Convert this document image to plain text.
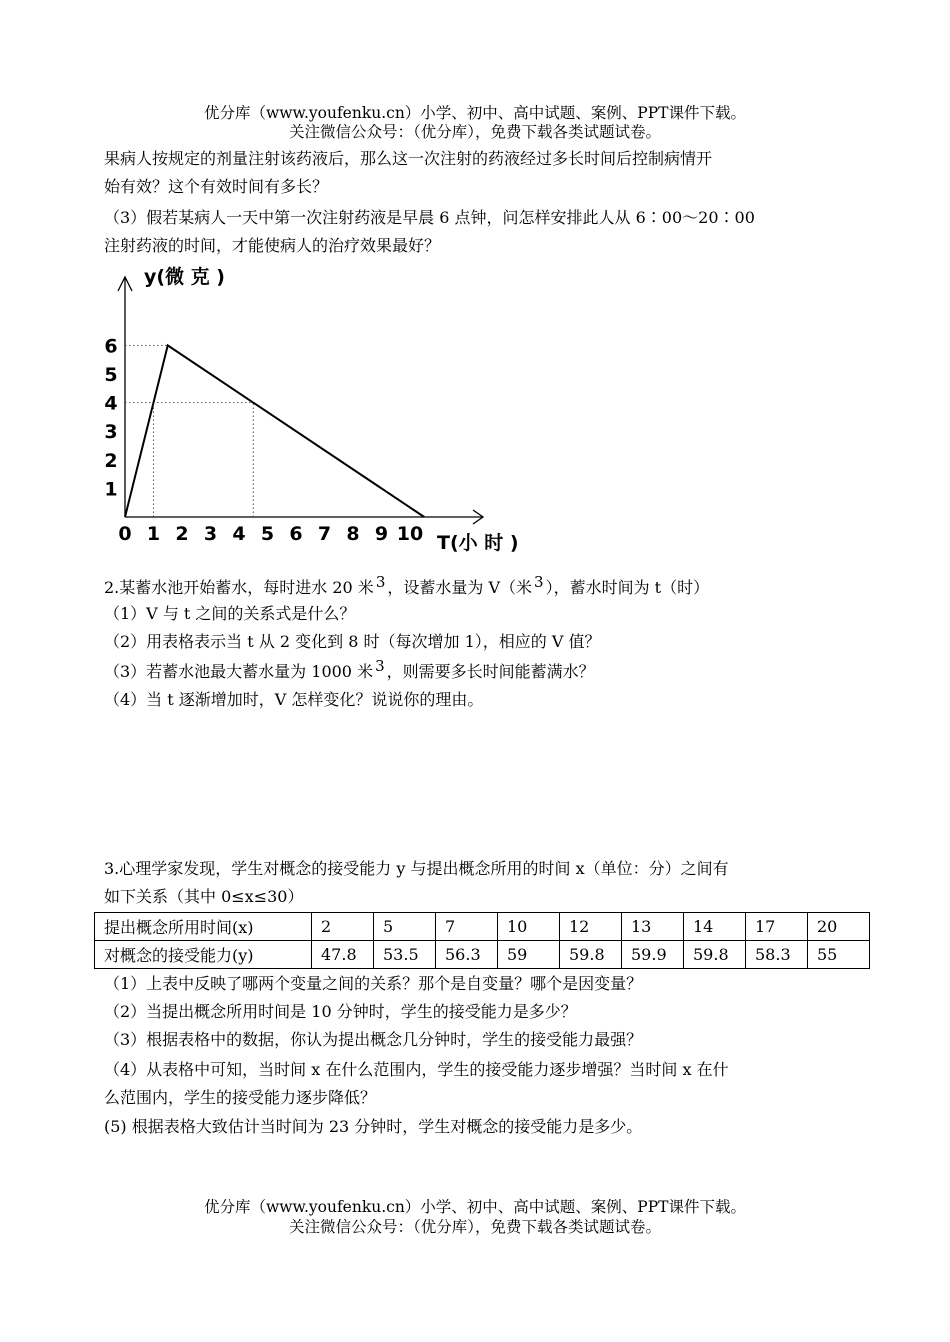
优分库（www.youfenku.cn）小学、初中、高中试题、案例、PPT课件下载。
关注微信公众号：（优分库），免费下载各类试题试卷。
果病人按规定的剂量注射该药液后，那么这一次注射的药液经过多长时间后控制病情开
始有效？这个有效时间有多长？
（3）假若某病人一天中第一次注射药液是早晨 6 点钟，问怎样安排此人从 6∶00～20∶00
注射药液的时间，才能使病人的治疗效果最好？
0 1 2 3 4 5 6 7 8 9 10
1
2
3
4
5
6
y(微 克 )
T(小 时 )
2.某蓄水池开始蓄水，每时进水 20 米 3 ，设蓄水量为 V（米 3 ），蓄水时间为 t（时）
（1）V 与 t 之间的关系式是什么？
（2）用表格表示当 t 从 2 变化到 8 时（每次增加 1），相应的 V 值？
（3）若蓄水池最大蓄水量为 1000 米 3 ，则需要多长时间能蓄满水？
（4）当 t 逐渐增加时，V 怎样变化？说说你的理由。
3.心理学家发现，学生对概念的接受能力 y 与提出概念所用的时间 x（单位：分）之间有
如下关系（其中 0≤x≤30）
提出概念所用时间(x)	2	5	7	10	12	13	14	17	20
对概念的接受能力(y)	47.8	53.5	56.3	59	59.8	59.9	59.8	58.3	55
（1）上表中反映了哪两个变量之间的关系？那个是自变量？哪个是因变量？
（2）当提出概念所用时间是 10 分钟时，学生的接受能力是多少？
（3）根据表格中的数据，你认为提出概念几分钟时，学生的接受能力最强？
（4）从表格中可知，当时间 x 在什么范围内，学生的接受能力逐步增强？当时间 x 在什
么范围内，学生的接受能力逐步降低？
(5) 根据表格大致估计当时间为 23 分钟时，学生对概念的接受能力是多少。
优分库（www.youfenku.cn）小学、初中、高中试题、案例、PPT课件下载。
关注微信公众号：（优分库），免费下载各类试题试卷。
